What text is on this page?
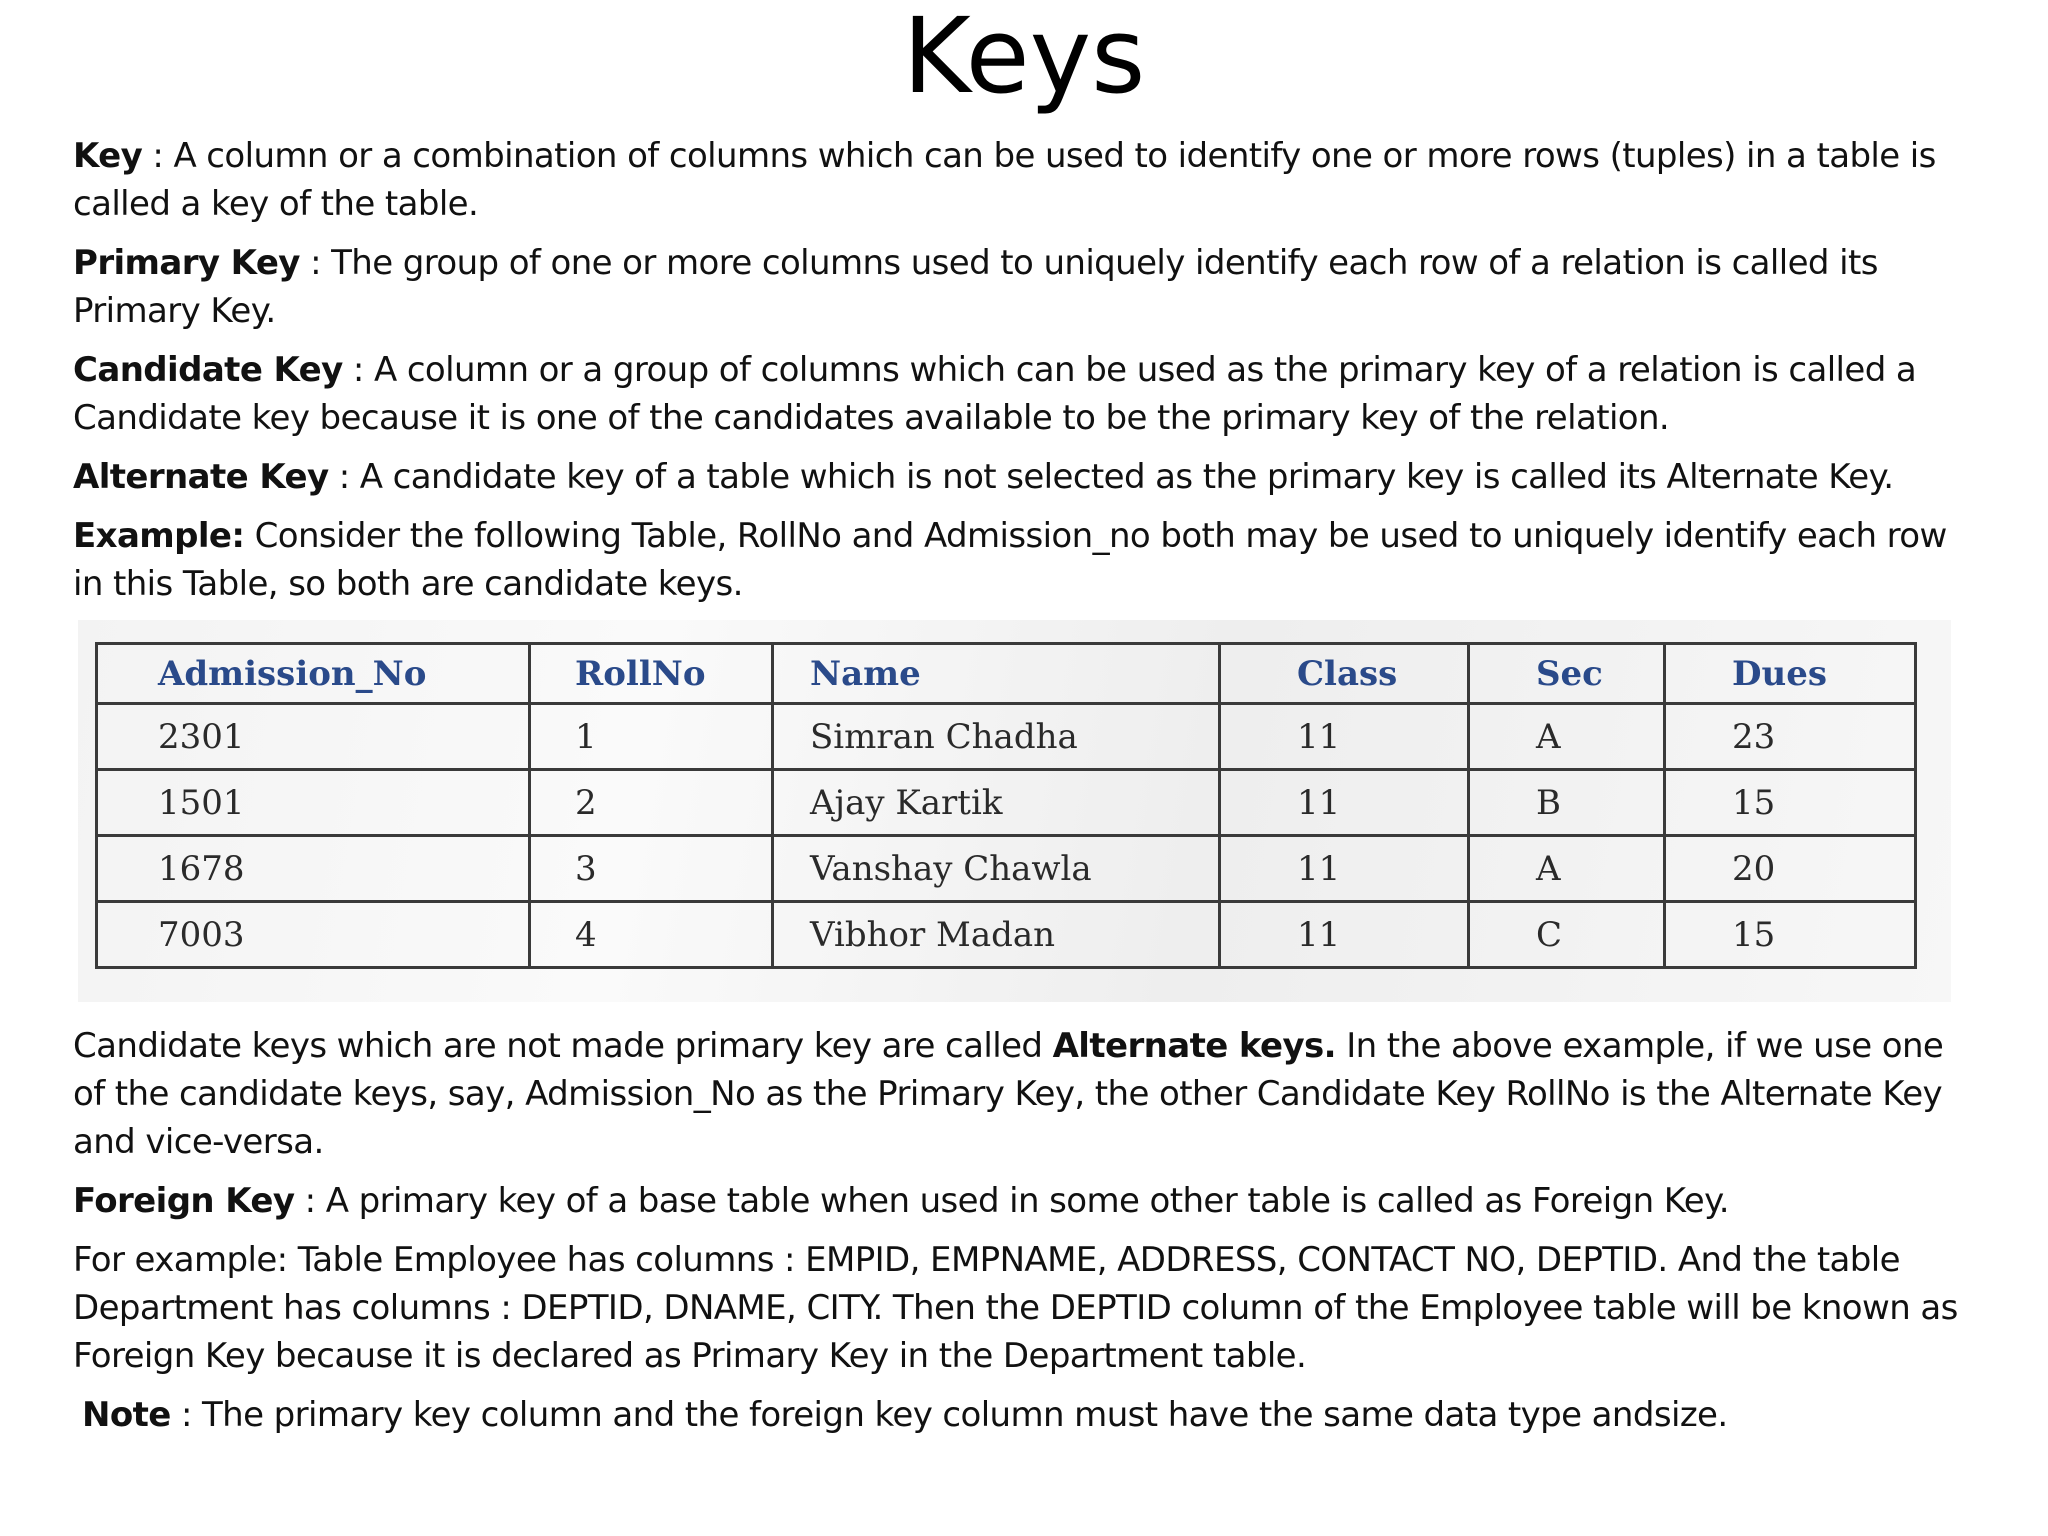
Keys

Key : A column or a combination of columns which can be used to identify one or more rows (tuples) in a table is called a key of the table.

Primary Key : The group of one or more columns used to uniquely identify each row of a relation is called its Primary Key.

Candidate Key : A column or a group of columns which can be used as the primary key of a relation is called a Candidate key because it is one of the candidates available to be the primary key of the relation.

Alternate Key : A candidate key of a table which is not selected as the primary key is called its Alternate Key.

Example: Consider the following Table, RollNo and Admission_no both may be used to uniquely identify each row in this Table, so both are candidate keys.

Admission_No	RollNo	Name	Class	Sec	Dues

2301	1	Simran Chadha	11	A	23

1501	2	Ajay Kartik	11	B	15

1678	3	Vanshay Chawla	11	A	20

7003	4	Vibhor Madan	11	C	15

Candidate keys which are not made primary key are called Alternate keys. In the above example, if we use one of the candidate keys, say, Admission_No as the Primary Key, the other Candidate Key RollNo is the Alternate Key and vice-versa.

Foreign Key : A primary key of a base table when used in some other table is called as Foreign Key.

For example: Table Employee has columns : EMPID, EMPNAME, ADDRESS, CONTACT NO, DEPTID. And the table Department has columns : DEPTID, DNAME, CITY. Then the DEPTID column of the Employee table will be known as Foreign Key because it is declared as Primary Key in the Department table.

Note : The primary key column and the foreign key column must have the same data type andsize.
